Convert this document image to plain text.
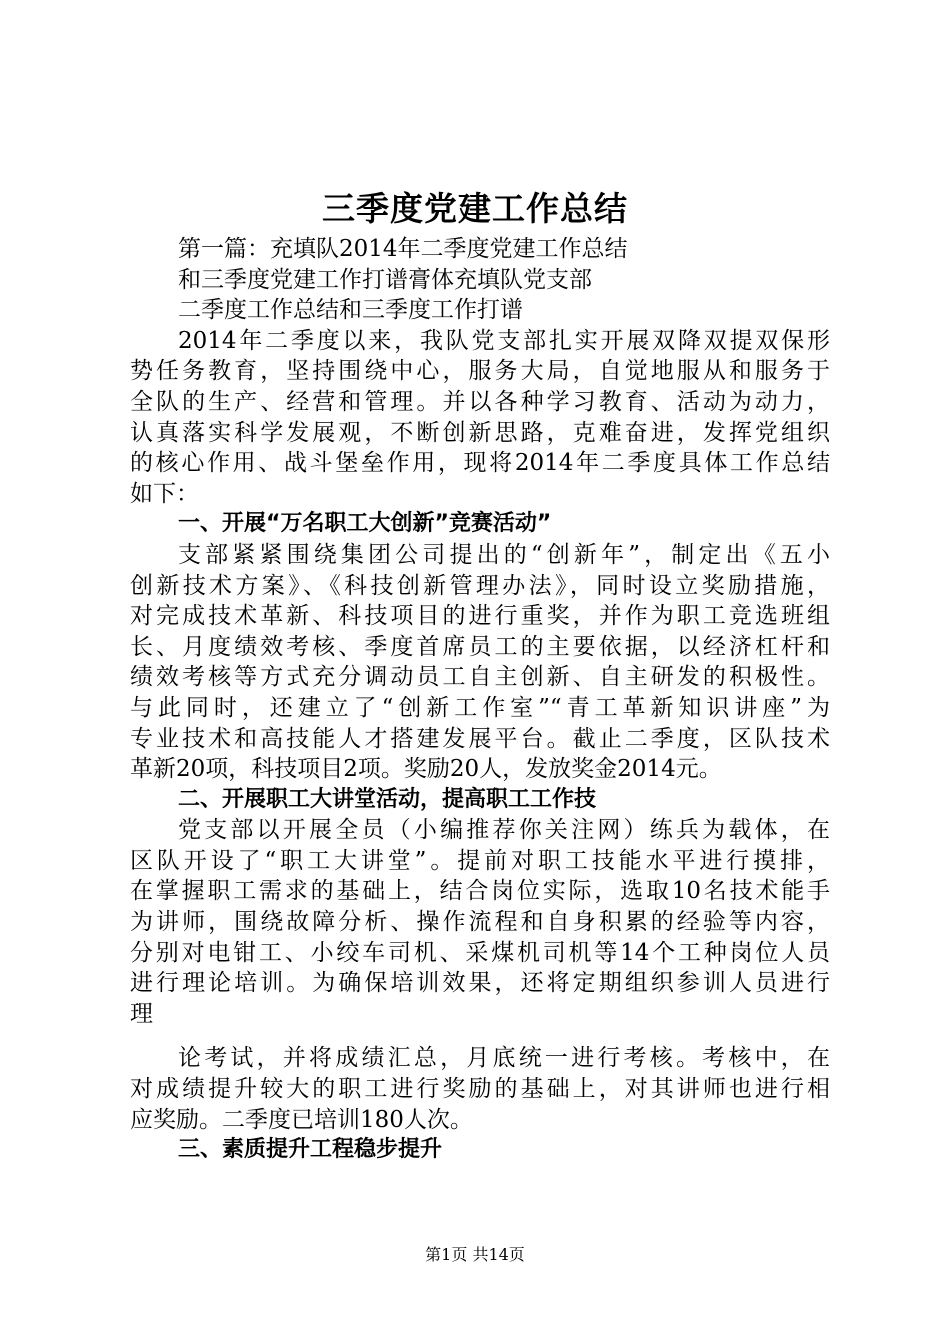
三季度党建工作总结
第一篇：充填队2014年二季度党建工作总结
和三季度党建工作打谱膏体充填队党支部
二季度工作总结和三季度工作打谱
2014年二季度以来，我队党支部扎实开展双降双提双保形
势任务教育，坚持围绕中心，服务大局，自觉地服从和服务于
全队的生产、经营和管理。并以各种学习教育、活动为动力，
认真落实科学发展观，不断创新思路，克难奋进，发挥党组织
的核心作用、战斗堡垒作用，现将2014年二季度具体工作总结
如下：
一、开展“万名职工大创新”竞赛活动”
支部紧紧围绕集团公司提出的“创新年”，制定出《五小
创新技术方案》、《科技创新管理办法》，同时设立奖励措施，
对完成技术革新、科技项目的进行重奖，并作为职工竞选班组
长、月度绩效考核、季度首席员工的主要依据，以经济杠杆和
绩效考核等方式充分调动员工自主创新、自主研发的积极性。
与此同时，还建立了“创新工作室”“青工革新知识讲座”为
专业技术和高技能人才搭建发展平台。截止二季度，区队技术
革新20项，科技项目2项。奖励20人，发放奖金2014元。
二、开展职工大讲堂活动，提高职工工作技
党支部以开展全员（小编推荐你关注网）练兵为载体，在
区队开设了“职工大讲堂”。提前对职工技能水平进行摸排，
在掌握职工需求的基础上，结合岗位实际，选取10名技术能手
为讲师，围绕故障分析、操作流程和自身积累的经验等内容，
分别对电钳工、小绞车司机、采煤机司机等14个工种岗位人员
进行理论培训。为确保培训效果，还将定期组织参训人员进行
理
论考试，并将成绩汇总，月底统一进行考核。考核中，在
对成绩提升较大的职工进行奖励的基础上，对其讲师也进行相
应奖励。二季度已培训180人次。
三、素质提升工程稳步提升
第1页 共14页
